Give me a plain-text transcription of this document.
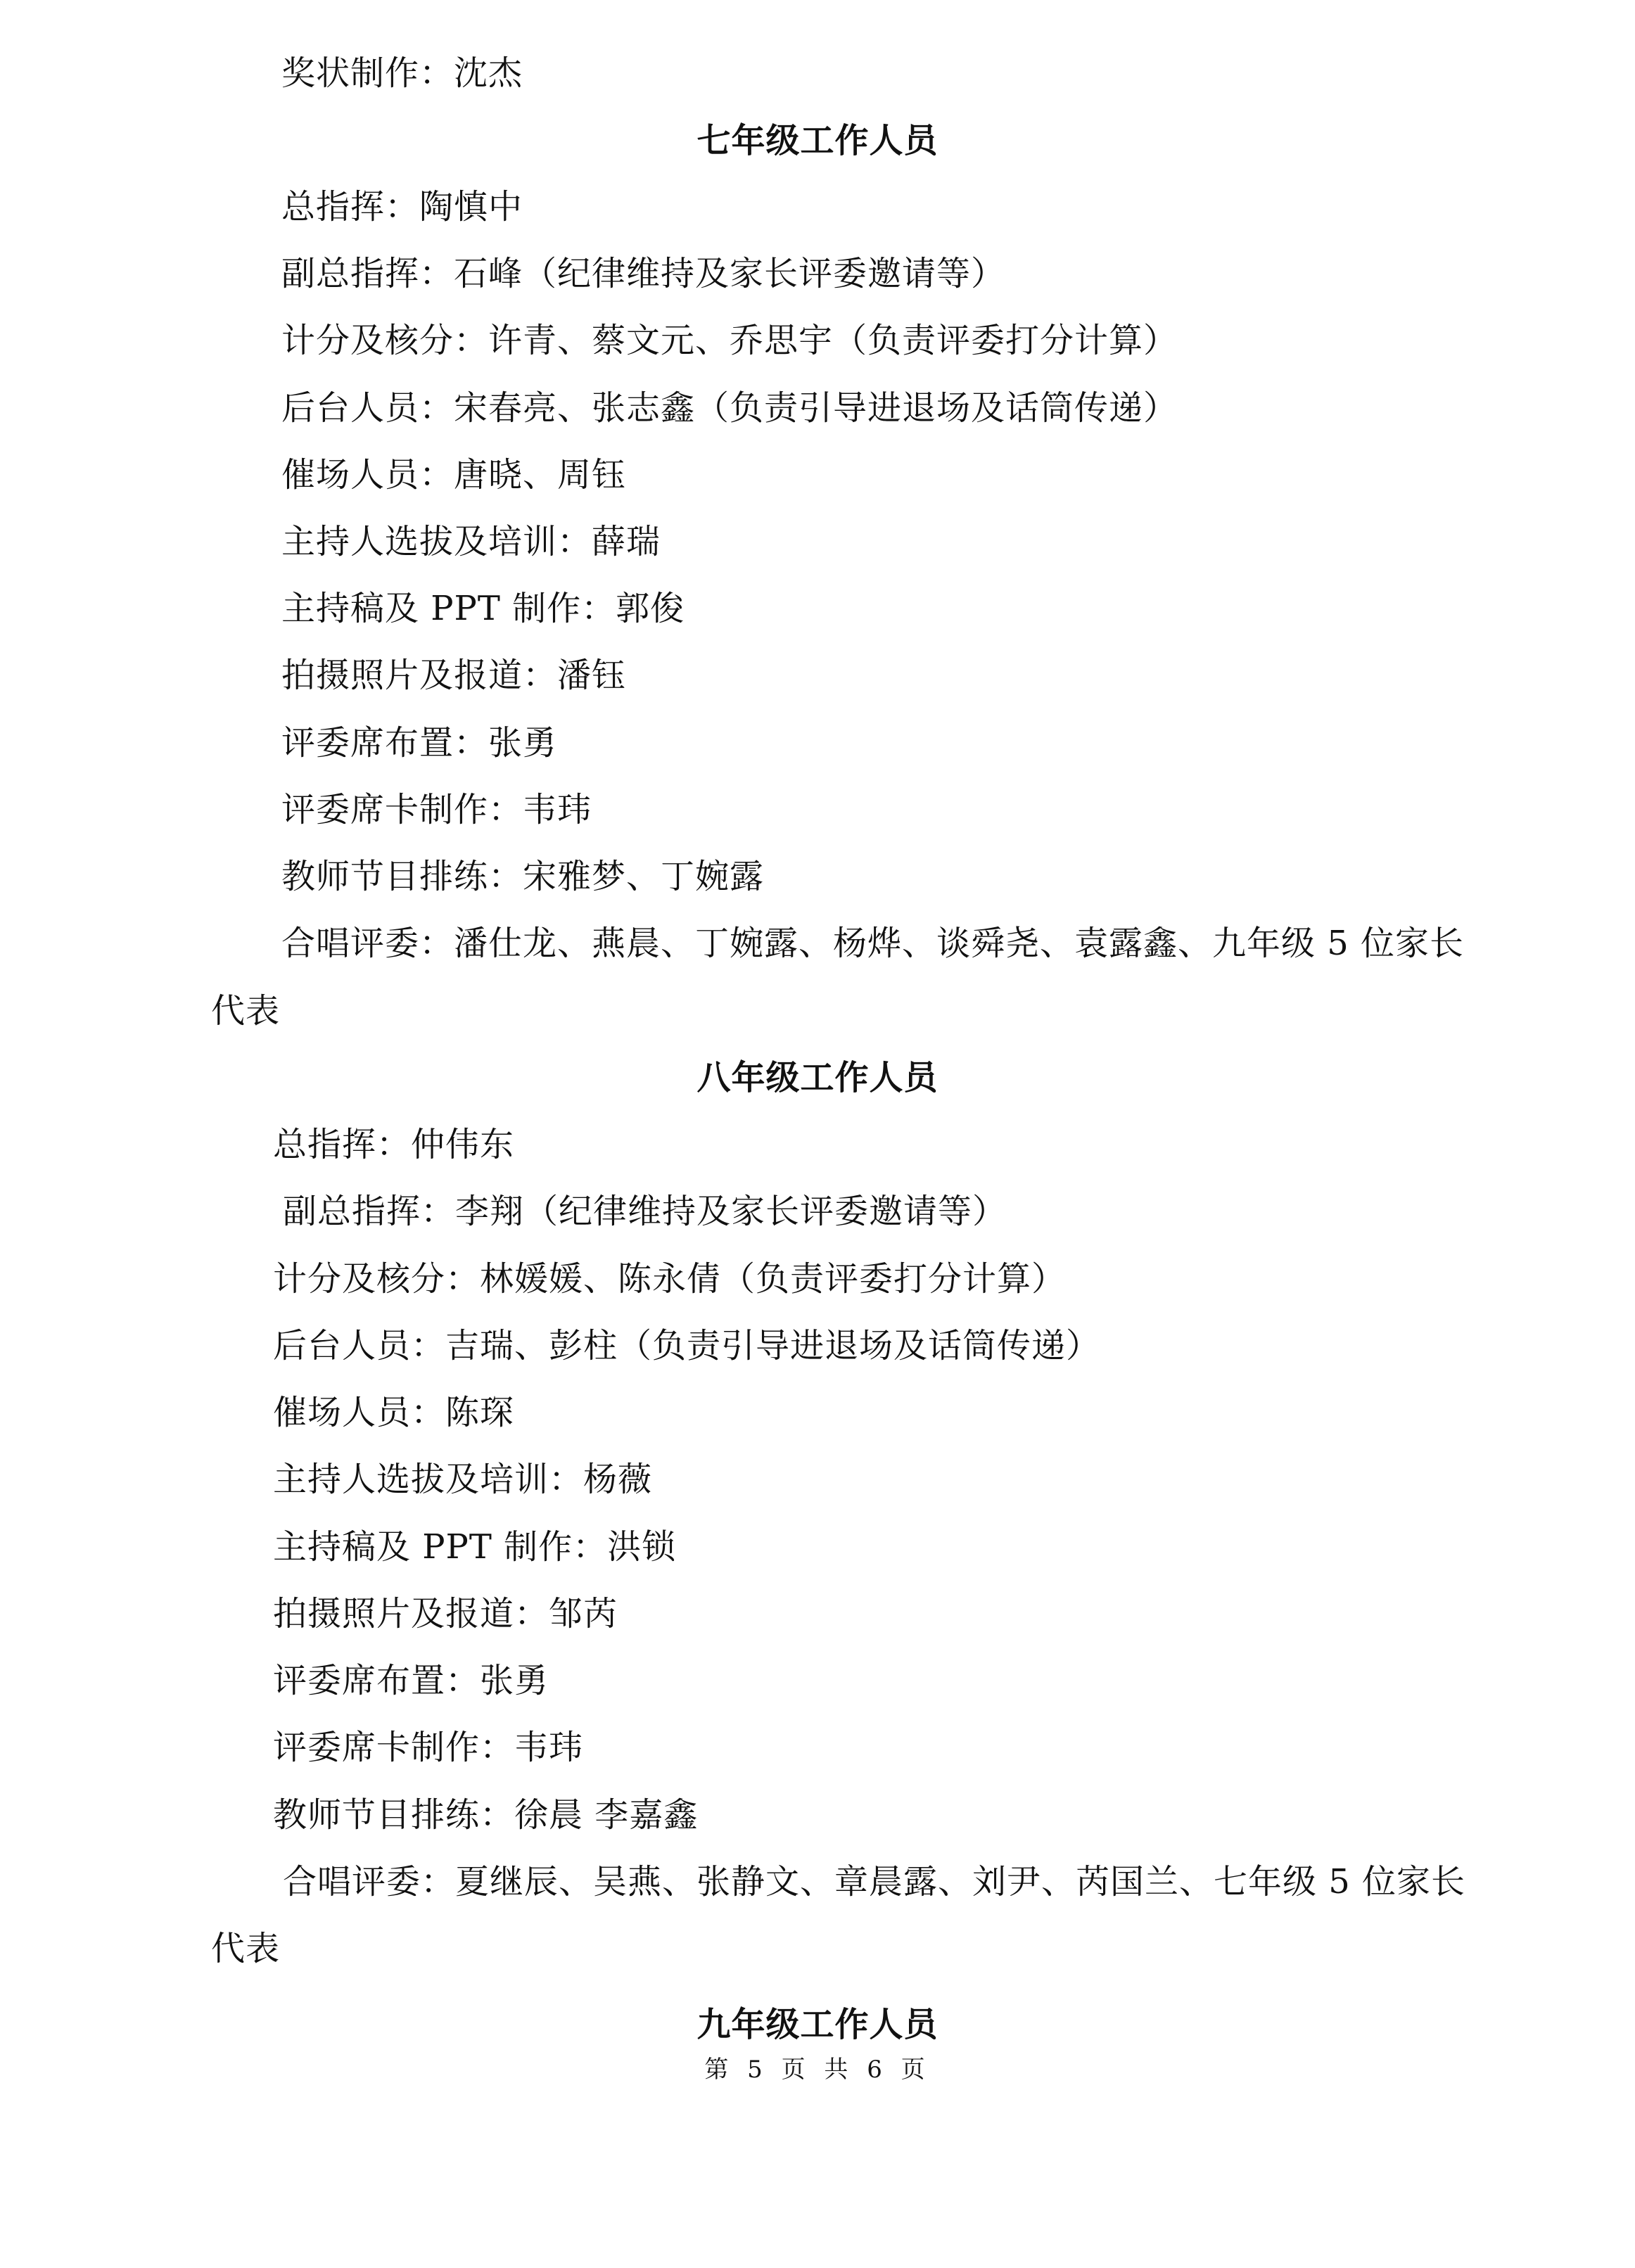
奖状制作：沈杰
七年级工作人员
总指挥：陶慎中
副总指挥：石峰（纪律维持及家长评委邀请等）
计分及核分：许青、蔡文元、乔思宇（负责评委打分计算）
后台人员：宋春亮、张志鑫（负责引导进退场及话筒传递）
催场人员：唐晓、周钰
主持人选拔及培训：薛瑞
主持稿及 PPT 制作：郭俊
拍摄照片及报道：潘钰
评委席布置：张勇
评委席卡制作：韦玮
教师节目排练：宋雅梦、丁婉露
合唱评委：潘仕龙、燕晨、丁婉露、杨烨、谈舜尧、袁露鑫、九年级 5 位家长
代表
八年级工作人员
总指挥：仲伟东
副总指挥：李翔（纪律维持及家长评委邀请等）
计分及核分：林媛媛、陈永倩（负责评委打分计算）
后台人员：吉瑞、彭柱（负责引导进退场及话筒传递）
催场人员：陈琛
主持人选拔及培训：杨薇
主持稿及 PPT 制作：洪锁
拍摄照片及报道：邹芮
评委席布置：张勇
评委席卡制作：韦玮
教师节目排练：徐晨 李嘉鑫
合唱评委：夏继辰、吴燕、张静文、章晨露、刘尹、芮国兰、七年级 5 位家长
代表
九年级工作人员
第 5 页 共 6 页
